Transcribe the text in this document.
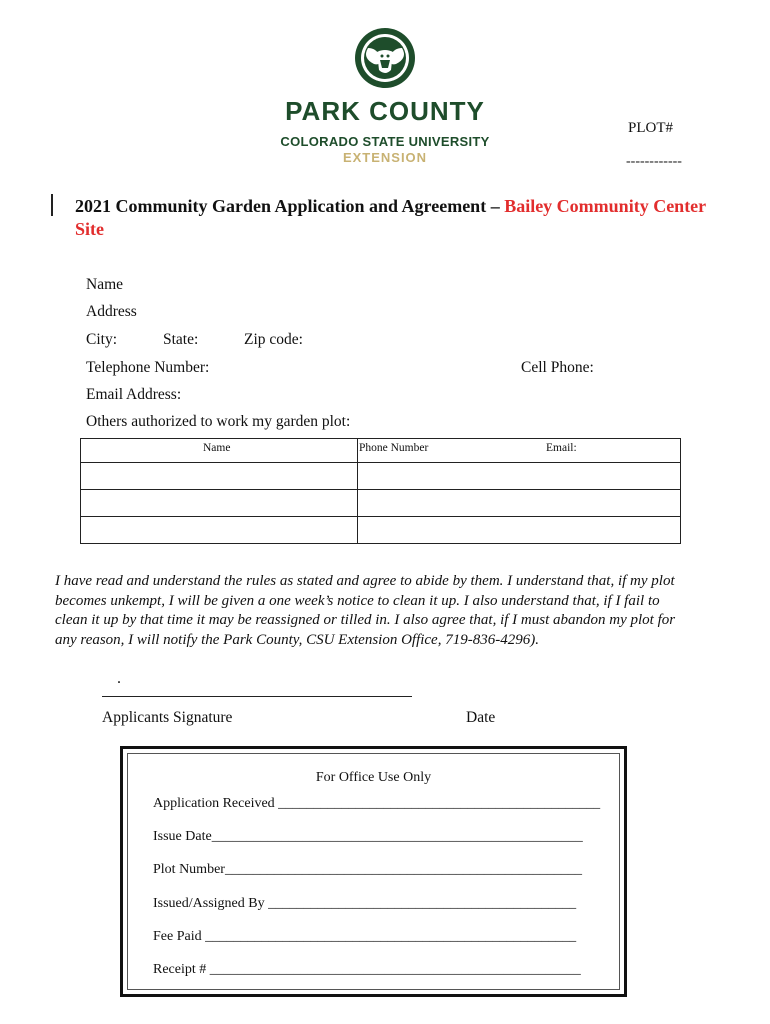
PARK COUNTY
COLORADO STATE UNIVERSITY
EXTENSION
PLOT#
------------
2021 Community Garden Application and Agreement – Bailey Community Center Site
Name
Address
City:	State:	Zip code:
Telephone Number:	Cell Phone:
Email Address:
Others authorized to work my garden plot:
Name	Phone Number	Email:
I have read and understand the rules as stated and agree to abide by them. I understand that, if my plot becomes unkempt, I will be given a one week’s notice to clean it up. I also understand that, if I fail to clean it up by that time it may be reassigned or tilled in. I also agree that, if I must abandon my plot for any reason, I will notify the Park County, CSU Extension Office, 719-836-4296).
.
Applicants Signature	Date
For Office Use Only
Application Received ______________________________________________
Issue Date_____________________________________________________
Plot Number___________________________________________________
Issued/Assigned By ____________________________________________
Fee Paid _____________________________________________________
Receipt # _____________________________________________________
